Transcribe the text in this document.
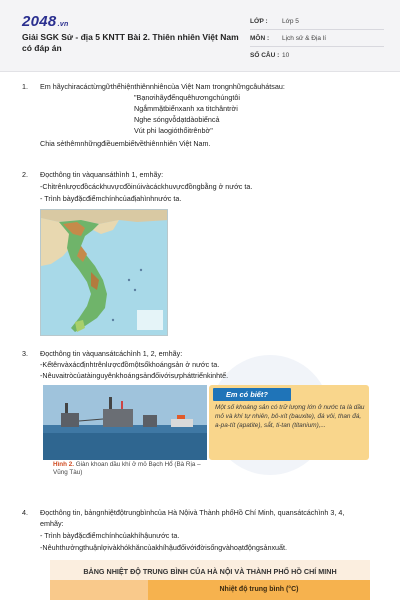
2048.vn
Giải SGK Sử - địa 5 KNTT Bài 2. Thiên nhiên Việt Nam có đáp án
LỚP :	Lớp 5
MÔN :	Lịch sử & Địa lí
SỐ CÂU : 10
1. Em hãychiracáctừngữthểhiệnthiênnhiêncủa Việt Nam trongnhữngcâuhátsau:
"Bạnơihãyđếnquêhươngchúngtôi
Ngắmmặtbiểnxanh xa titchântrời
Nghe sóngvỗdạtdàobiểncả
Vút phi laogióthổitrênbờ"
Chia sẻthêmnhữngđiềuembiếtvềthiênnhiên Việt Nam.
2. Đọcthông tin vàquansáthình 1, emhãy:
-Chỉtrênlượcđồcáckhuvựcđồinúivàcáckhuvựcđồngbằng ở nước ta.
- Trình bàyđặcđiểmchínhcủađịahìnhnước ta.
3. Đọcthông tin vàquansátcáchình 1, 2, emhãy:
-Kểtênvàxácđịnhtrênlượcđồmộtsốkhoángsản ở nước ta.
-Nêuvaitròcủatàinguyênkhoángsảnđốivớisựpháttriểnkinhtế.
Hình 2. Giàn khoan dầu khí ở mỏ Bạch Hổ (Bà Rịa – Vũng Tàu)
Em có biết?
Một số khoáng sản có trữ lượng lớn ở nước ta là dầu mỏ và khí tự nhiên, bô-xít (bauxite), đá vôi, than đá, a-pa-tít (apatite), sắt, ti-tan (titanium),...
4. Đọcthông tin, bảngnhiệtđộtrungbìnhcủa Hà Nộivà Thành phốHồ Chí Minh, quansátcáchình 3, 4,
emhãy:
- Trình bàyđặcđiểmchínhcủakhíhậunước ta.
-Nêuhthưởngthuậnlợivàkhókhăncủakhíhậuđốivớiđờisốngvàhoạtđộngsảnxuất.
BẢNG NHIỆT ĐỘ TRUNG BÌNH CỦA HÀ NỘI VÀ THÀNH PHỐ HỒ CHÍ MINH
Nhiệt độ trung bình (°C)
